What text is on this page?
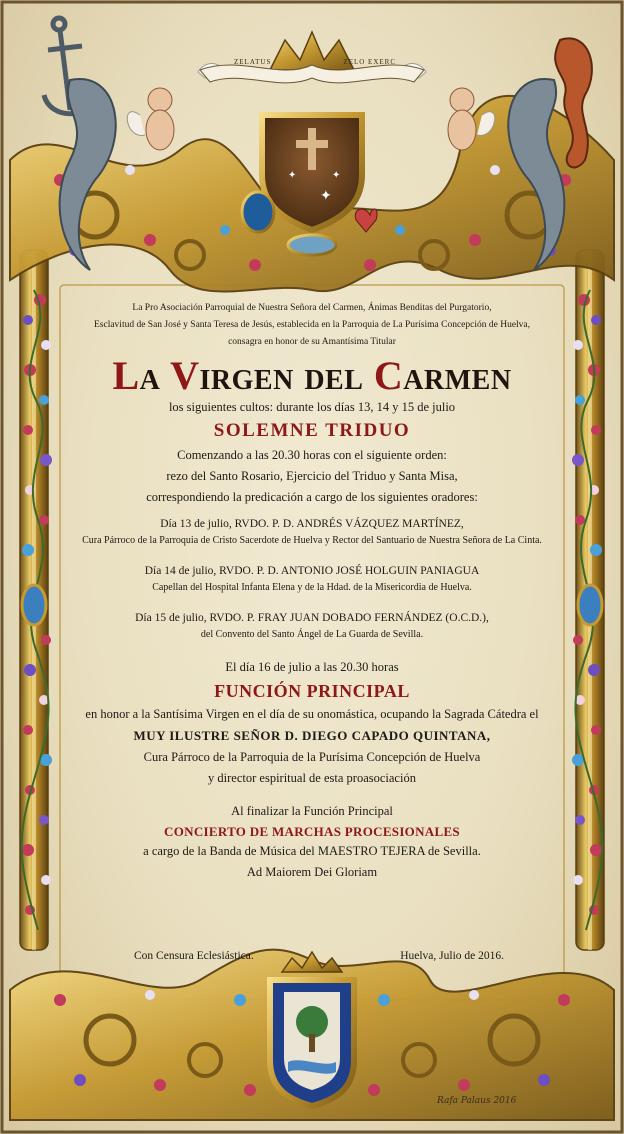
✦
✦	✦
ZELATUS	ZELO EXERC

La Pro Asociación Parroquial de Nuestra Señora del Carmen, Ánimas Benditas del Purgatorio,

Esclavitud de San José y Santa Teresa de Jesús, establecida en la Parroquia de La Purísima Concepción de Huelva,

consagra en honor de su Amantísima Titular

La Virgen del Carmen

los siguientes cultos: durante los días 13, 14 y 15 de julio

SOLEMNE TRIDUO

Comenzando a las 20.30 horas con el siguiente orden:

rezo del Santo Rosario, Ejercicio del Triduo y Santa Misa,

correspondiendo la predicación a cargo de los siguientes oradores:

Día 13 de julio, RVDO. P. D. ANDRÉS VÁZQUEZ MARTÍNEZ,

Cura Párroco de la Parroquia de Cristo Sacerdote de Huelva y Rector del Santuario de Nuestra Señora de La Cinta.

Día 14 de julio, RVDO. P. D. ANTONIO JOSÉ HOLGUIN PANIAGUA

Capellan del Hospital Infanta Elena y de la Hdad. de la Misericordia de Huelva.

Día 15 de julio, RVDO. P. FRAY JUAN DOBADO FERNÁNDEZ (O.C.D.),

del Convento del Santo Ángel de La Guarda de Sevilla.

El día 16 de julio a las 20.30 horas

FUNCIÓN PRINCIPAL

en honor a la Santísima Virgen en el día de su onomástica, ocupando la Sagrada Cátedra el

MUY ILUSTRE SEÑOR D. DIEGO CAPADO QUINTANA,

Cura Párroco de la Parroquia de la Purísima Concepción de Huelva

y director espiritual de esta proasociación

Al finalizar la Función Principal

CONCIERTO DE MARCHAS PROCESIONALES

a cargo de la Banda de Música del MAESTRO TEJERA de Sevilla.

Ad Maiorem Dei Gloriam

Con Censura Eclesiástica.	Huelva, Julio de 2016.
Rafa Palaus 2016
